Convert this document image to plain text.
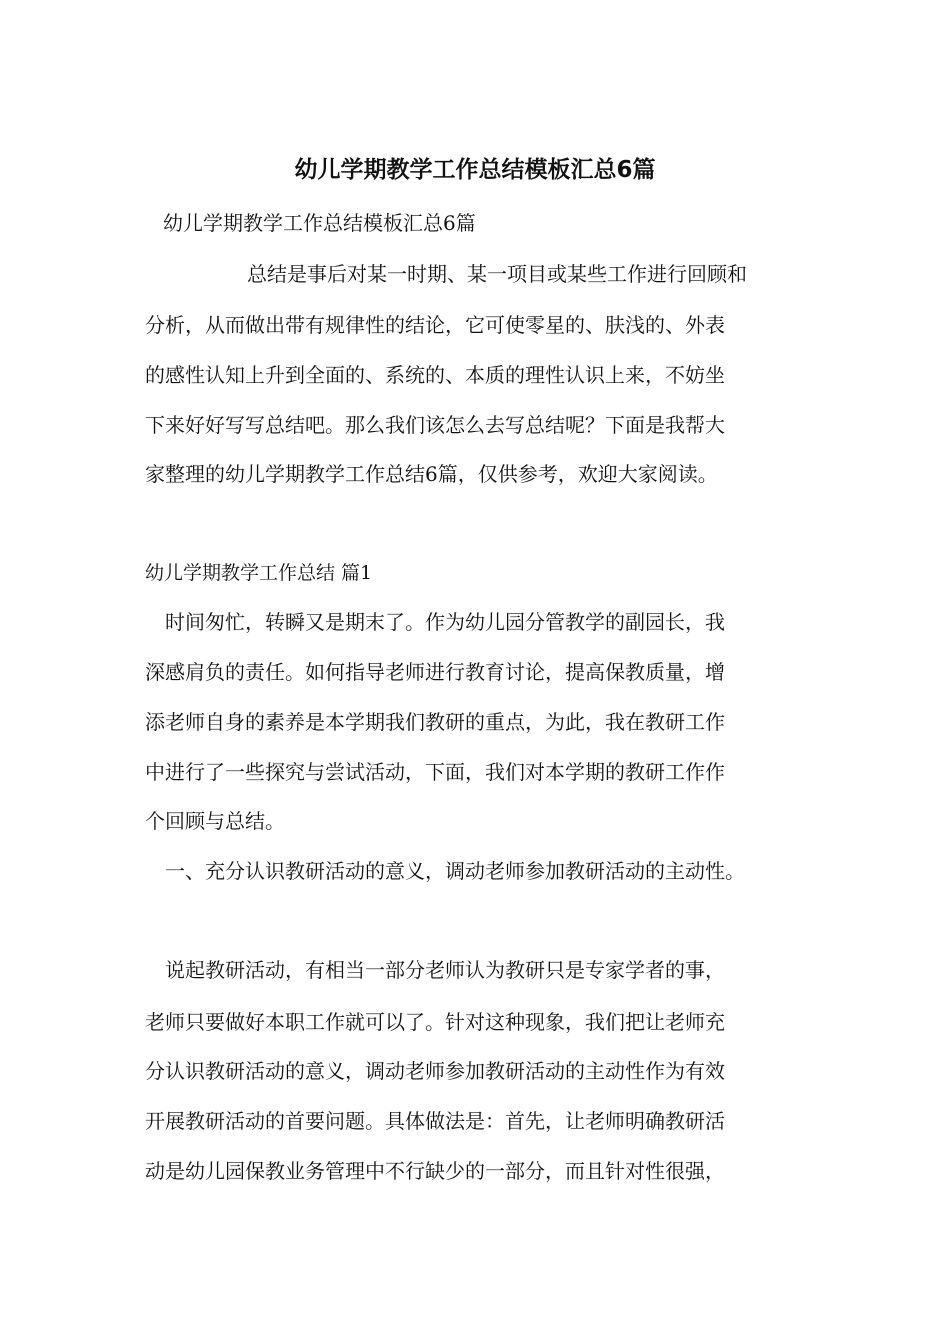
幼儿学期教学工作总结模板汇总6篇

幼儿学期教学工作总结模板汇总6篇

总结是事后对某一时期、某一项目或某些工作进行回顾和

分析，从而做出带有规律性的结论，它可使零星的、肤浅的、外表

的感性认知上升到全面的、系统的、本质的理性认识上来，不妨坐

下来好好写写总结吧。那么我们该怎么去写总结呢？下面是我帮大

家整理的幼儿学期教学工作总结6篇，仅供参考，欢迎大家阅读。

幼儿学期教学工作总结 篇1

时间匆忙，转瞬又是期末了。作为幼儿园分管教学的副园长，我

深感肩负的责任。如何指导老师进行教育讨论，提高保教质量，增

添老师自身的素养是本学期我们教研的重点，为此，我在教研工作

中进行了一些探究与尝试活动，下面，我们对本学期的教研工作作

个回顾与总结。

一、充分认识教研活动的意义，调动老师参加教研活动的主动性。

说起教研活动，有相当一部分老师认为教研只是专家学者的事，

老师只要做好本职工作就可以了。针对这种现象，我们把让老师充

分认识教研活动的意义，调动老师参加教研活动的主动性作为有效

开展教研活动的首要问题。具体做法是：首先，让老师明确教研活

动是幼儿园保教业务管理中不行缺少的一部分，而且针对性很强，
